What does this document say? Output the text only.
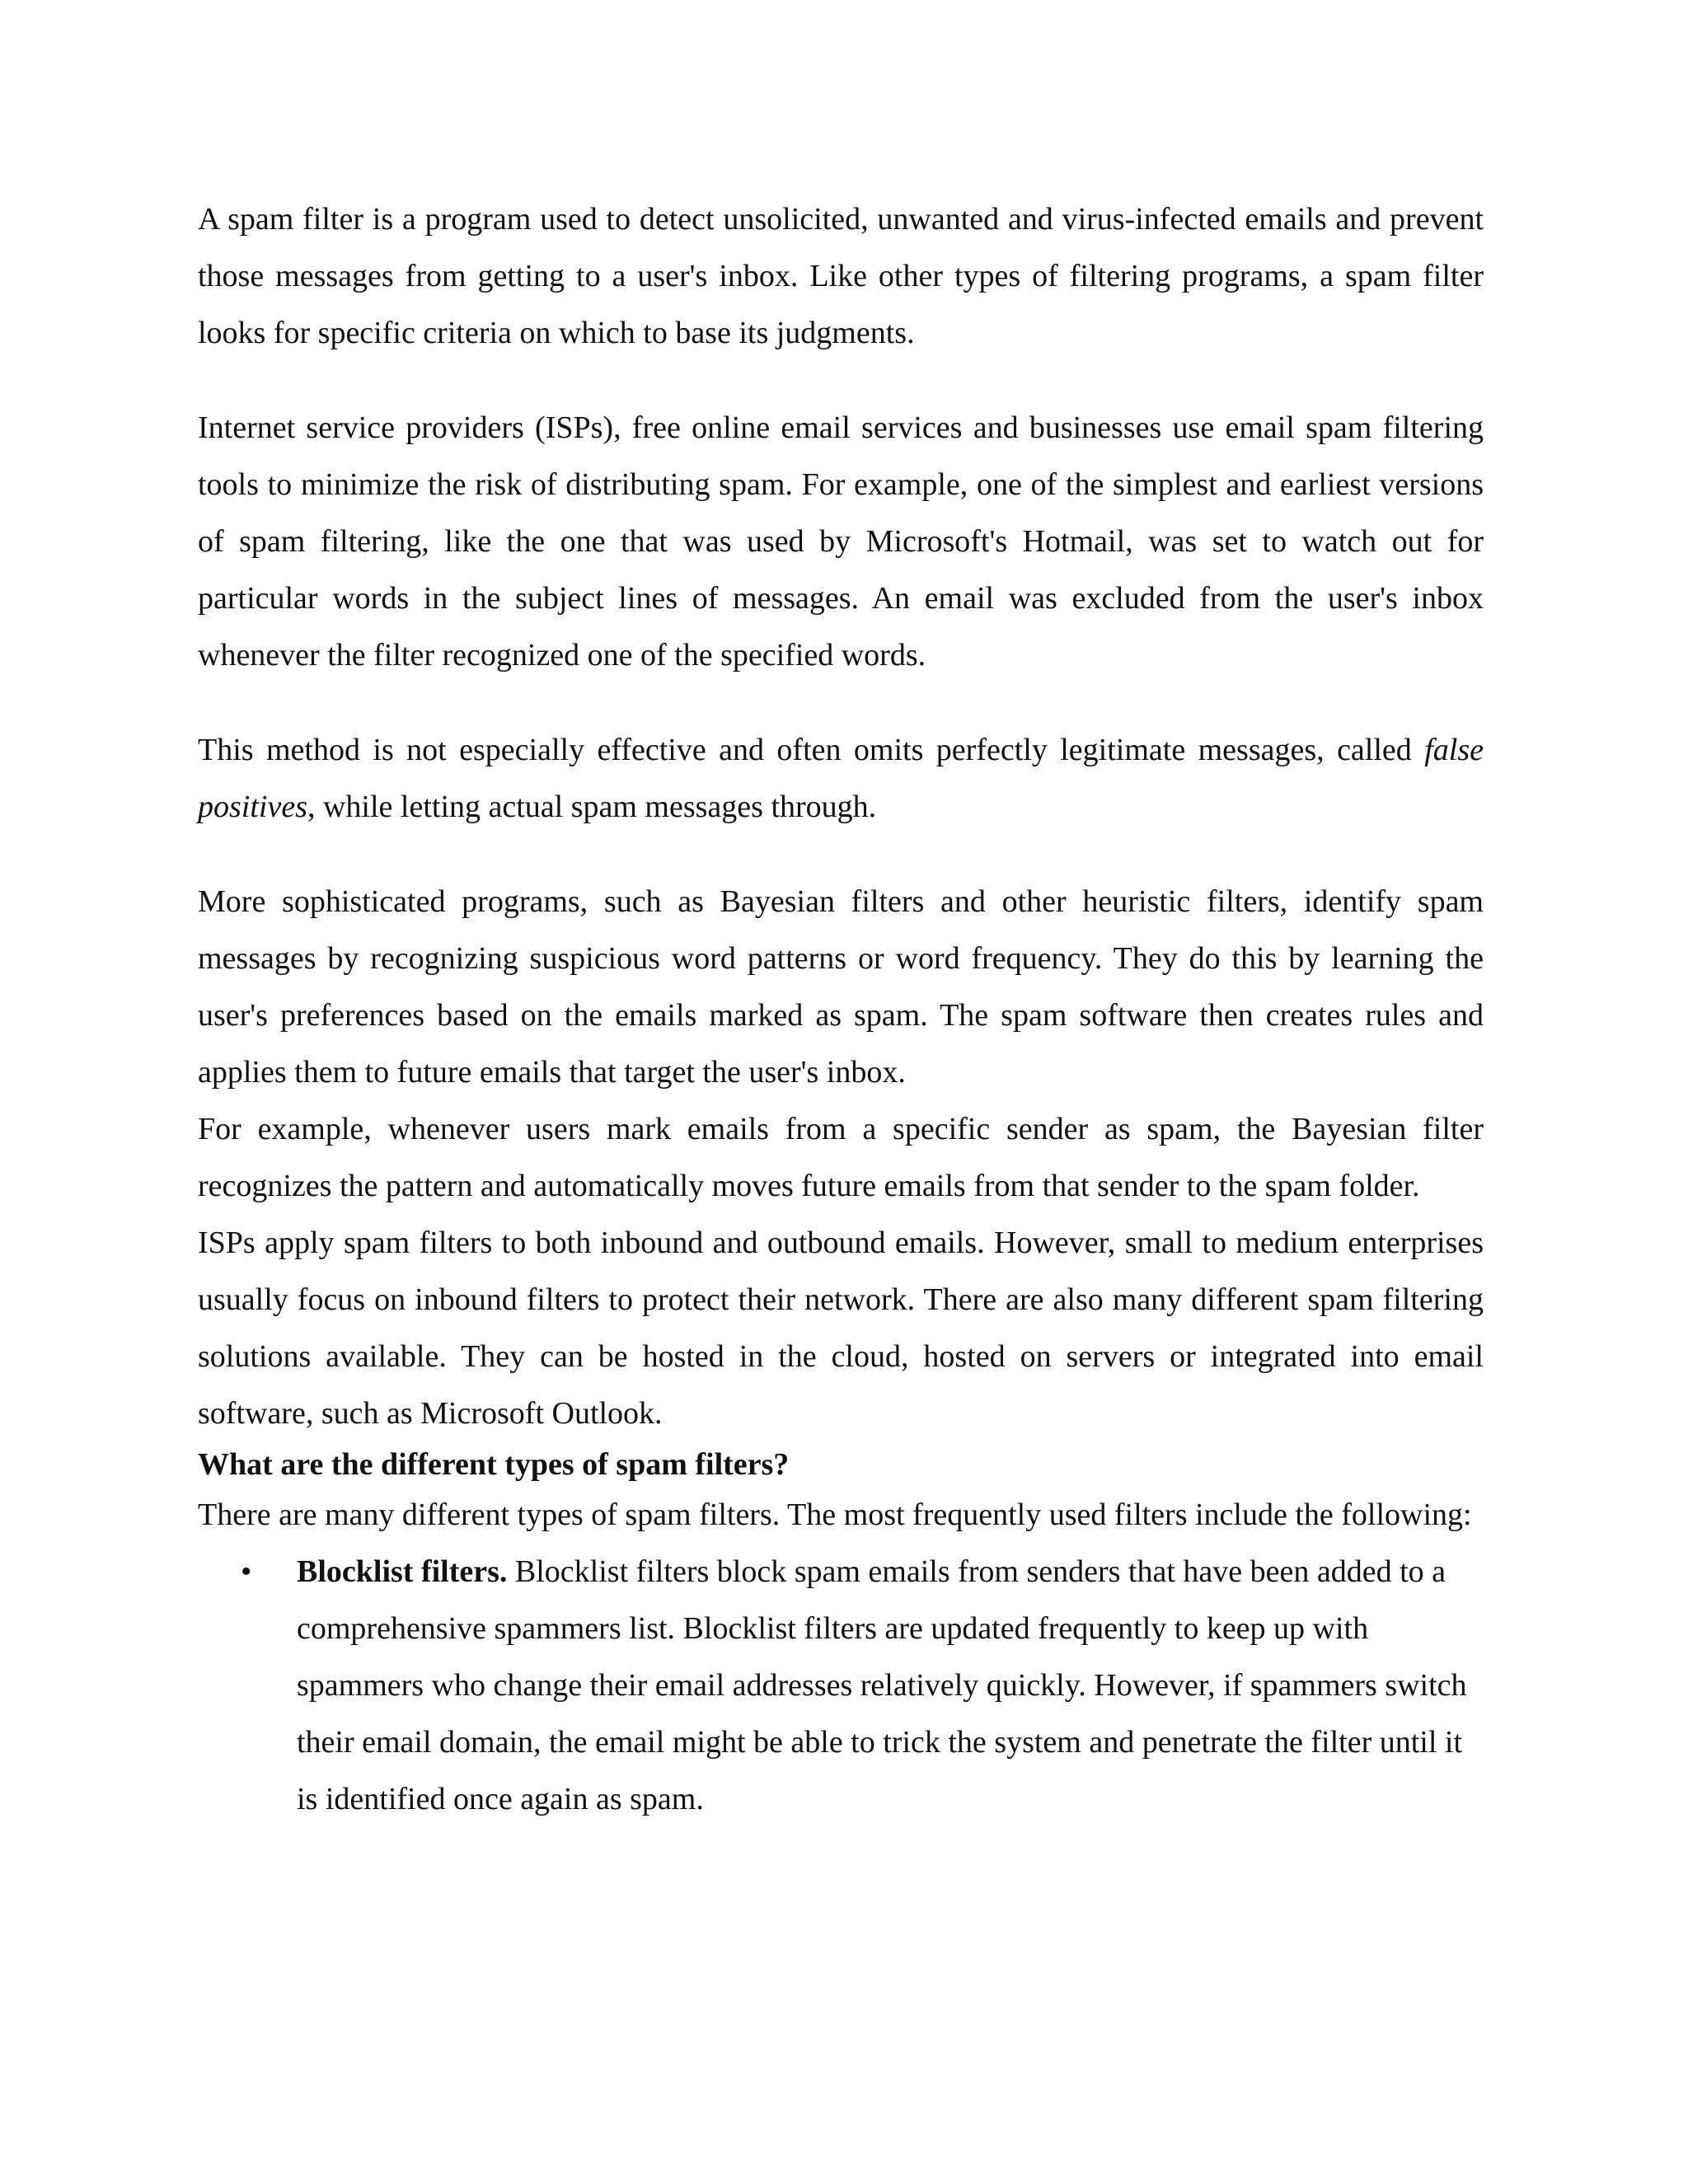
A spam filter is a program used to detect unsolicited, unwanted and virus-infected emails and prevent those messages from getting to a user's inbox. Like other types of filtering programs, a spam filter looks for specific criteria on which to base its judgments.

Internet service providers (ISPs), free online email services and businesses use email spam filtering tools to minimize the risk of distributing spam. For example, one of the simplest and earliest versions of spam filtering, like the one that was used by Microsoft's Hotmail, was set to watch out for particular words in the subject lines of messages. An email was excluded from the user's inbox whenever the filter recognized one of the specified words.

This method is not especially effective and often omits perfectly legitimate messages, called false positives, while letting actual spam messages through.

More sophisticated programs, such as Bayesian filters and other heuristic filters, identify spam messages by recognizing suspicious word patterns or word frequency. They do this by learning the user's preferences based on the emails marked as spam. The spam software then creates rules and applies them to future emails that target the user's inbox.

For example, whenever users mark emails from a specific sender as spam, the Bayesian filter recognizes the pattern and automatically moves future emails from that sender to the spam folder.

ISPs apply spam filters to both inbound and outbound emails. However, small to medium enterprises usually focus on inbound filters to protect their network. There are also many different spam filtering solutions available. They can be hosted in the cloud, hosted on servers or integrated into email software, such as Microsoft Outlook.

What are the different types of spam filters?

There are many different types of spam filters. The most frequently used filters include the following:

• Blocklist filters. Blocklist filters block spam emails from senders that have been added to a comprehensive spammers list. Blocklist filters are updated frequently to keep up with spammers who change their email addresses relatively quickly. However, if spammers switch their email domain, the email might be able to trick the system and penetrate the filter until it is identified once again as spam.
